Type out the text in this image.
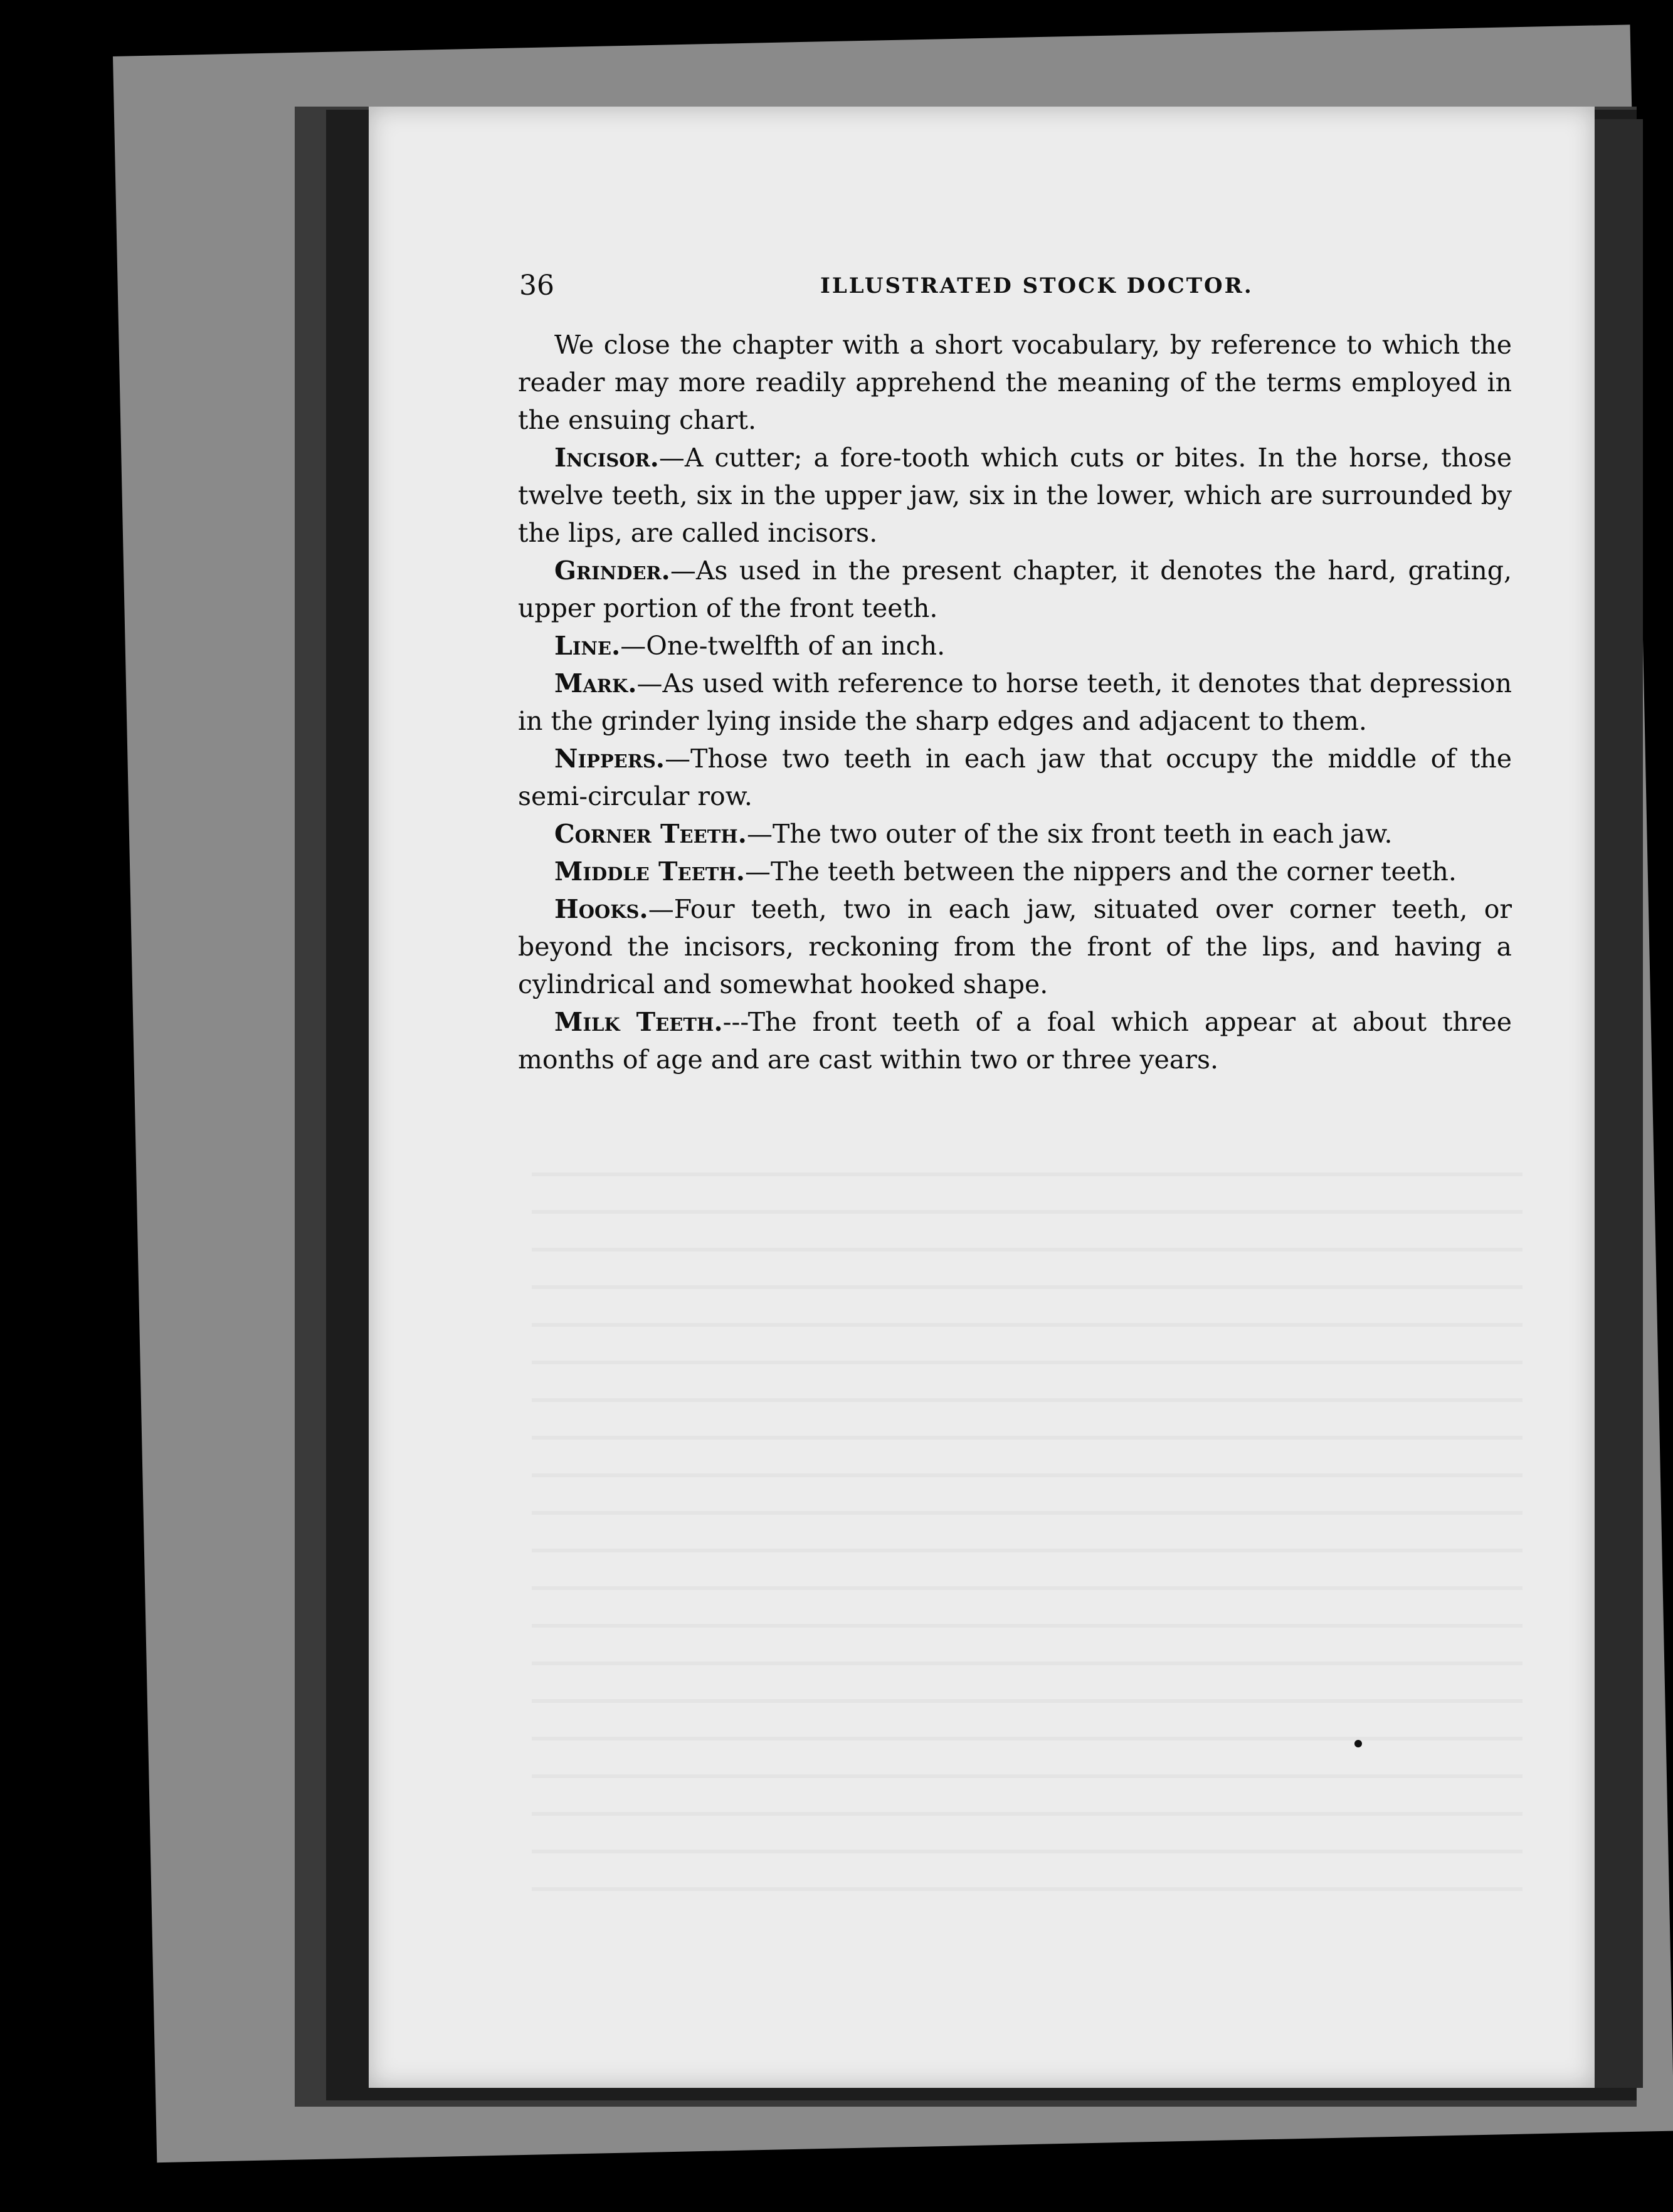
36	ILLUSTRATED STOCK DOCTOR.

We close the chapter with a short vocabulary, by reference to which the reader may more readily apprehend the meaning of the terms employed in the ensuing chart.

Incisor.—A cutter; a fore-tooth which cuts or bites. In the horse, those twelve teeth, six in the upper jaw, six in the lower, which are surrounded by the lips, are called incisors.

Grinder.—As used in the present chapter, it denotes the hard, grating, upper portion of the front teeth.

Line.—One-twelfth of an inch.

Mark.—As used with reference to horse teeth, it denotes that depression in the grinder lying inside the sharp edges and adjacent to them.

Nippers.—Those two teeth in each jaw that occupy the middle of the semi-circular row.

Corner Teeth.—The two outer of the six front teeth in each jaw.

Middle Teeth.—The teeth between the nippers and the corner teeth.

Hooks.—Four teeth, two in each jaw, situated over corner teeth, or beyond the incisors, reckoning from the front of the lips, and having a cylindrical and somewhat hooked shape.

Milk Teeth.---The front teeth of a foal which appear at about three months of age and are cast within two or three years.
